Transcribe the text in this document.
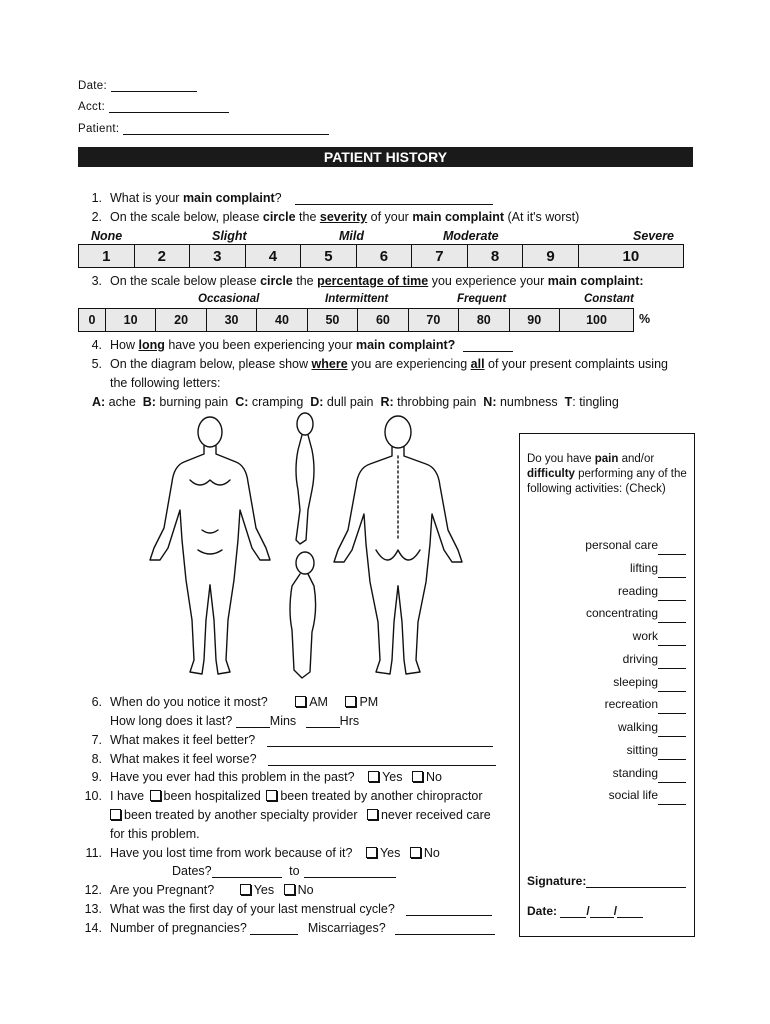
Date:
Acct:
Patient:
PATIENT HISTORY
1. What is your main complaint?
2. On the scale below, please circle the severity of your main complaint (At it's worst)
None	Slight	Mild	Moderate	Severe
1	2	3	4	5	6	7	8	9	10
3. On the scale below please circle the percentage of time you experience your main complaint:
Occasional	Intermittent	Frequent	Constant
0	10	20	30	40	50	60	70	80	90	100	%
4. How long have you been experiencing your main complaint?
5. On the diagram below, please show where you are experiencing all of your present complaints using
the following letters:
A: ache B: burning pain C: cramping D: dull pain R: throbbing pain N: numbness T: tingling
Do you have pain and/or difficulty performing any of the following activities: (Check)
personal care
lifting
reading
concentrating
work
driving
sleeping
recreation
walking
sitting
standing
social life
Signature:
Date: / /
6. When do you notice it most?	AM	PM
How long does it last?	Mins	Hrs
7. What makes it feel better?
8. What makes it feel worse?
9. Have you ever had this problem in the past? Yes No
10. I have been hospitalized been treated by another chiropractor
been treated by another specialty provider never received care
for this problem.
11. Have you lost time from work because of it? Yes No
Dates?	to
12. Are you Pregnant?	Yes No
13. What was the first day of your last menstrual cycle?
14. Number of pregnancies?	Miscarriages?
